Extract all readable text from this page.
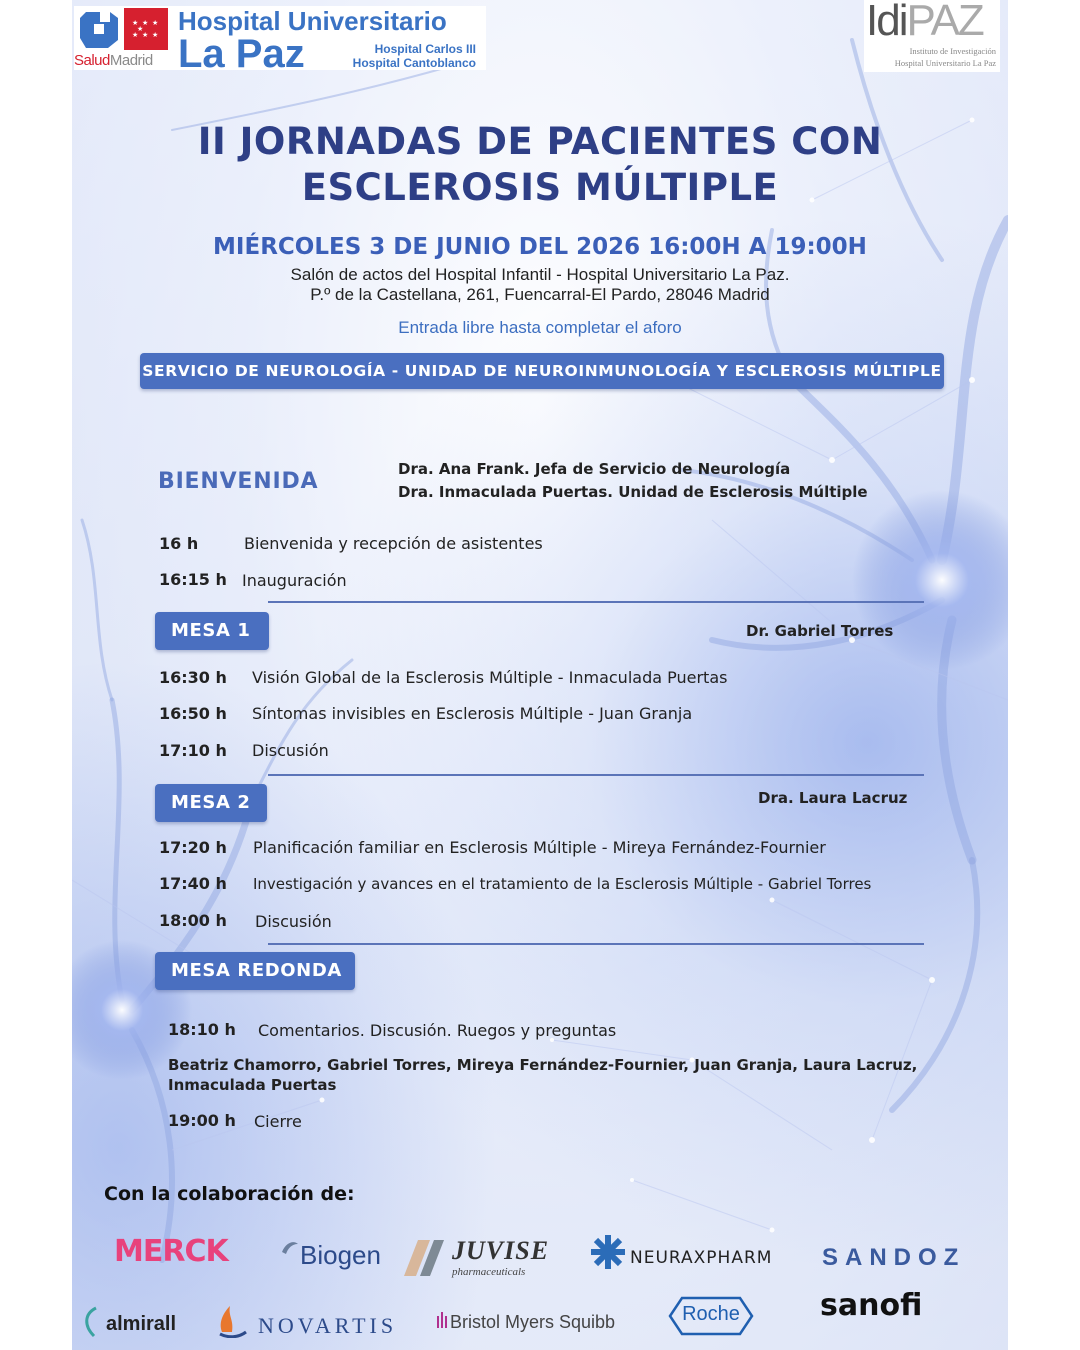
★ ★ ★
★ ★ ★
★
SaludMadrid
Hospital Universitario
La Paz	Hospital Carlos III
Hospital Cantoblanco
IdiPAZ
Instituto de Investigación
Hospital Universitario La Paz
II JORNADAS DE PACIENTES CON
ESCLEROSIS MÚLTIPLE
MIÉRCOLES 3 DE JUNIO DEL 2026 16:00H A 19:00H
Salón de actos del Hospital Infantil - Hospital Universitario La Paz.
P.º de la Castellana, 261, Fuencarral-El Pardo, 28046 Madrid
Entrada libre hasta completar el aforo
SERVICIO DE NEUROLOGÍA - UNIDAD DE NEUROINMUNOLOGÍA Y ESCLEROSIS MÚLTIPLE
BIENVENIDA	Dra. Ana Frank. Jefa de Servicio de Neurología
Dra. Inmaculada Puertas. Unidad de Esclerosis Múltiple
16 h	Bienvenida y recepción de asistentes
16:15 h Inauguración
MESA 1	Dr. Gabriel Torres
16:30 h Visión Global de la Esclerosis Múltiple - Inmaculada Puertas
16:50 h Síntomas invisibles en Esclerosis Múltiple - Juan Granja
17:10 h Discusión
MESA 2	Dra. Laura Lacruz
17:20 h Planificación familiar en Esclerosis Múltiple - Mireya Fernández-Fournier
17:40 h Investigación y avances en el tratamiento de la Esclerosis Múltiple - Gabriel Torres
18:00 h Discusión
MESA REDONDA
18:10 h Comentarios. Discusión. Ruegos y preguntas
Beatriz Chamorro, Gabriel Torres, Mireya Fernández-Fournier, Juan Granja, Laura Lacruz,
Inmaculada Puertas
19:00 h Cierre
Con la colaboración de:
MERCK	Biogen	JUVISE
pharmaceuticals
NEURAXPHARM SANDOZ
almirall	NOVARTIS	Bristol Myers Squibb	Roche	sanofi
